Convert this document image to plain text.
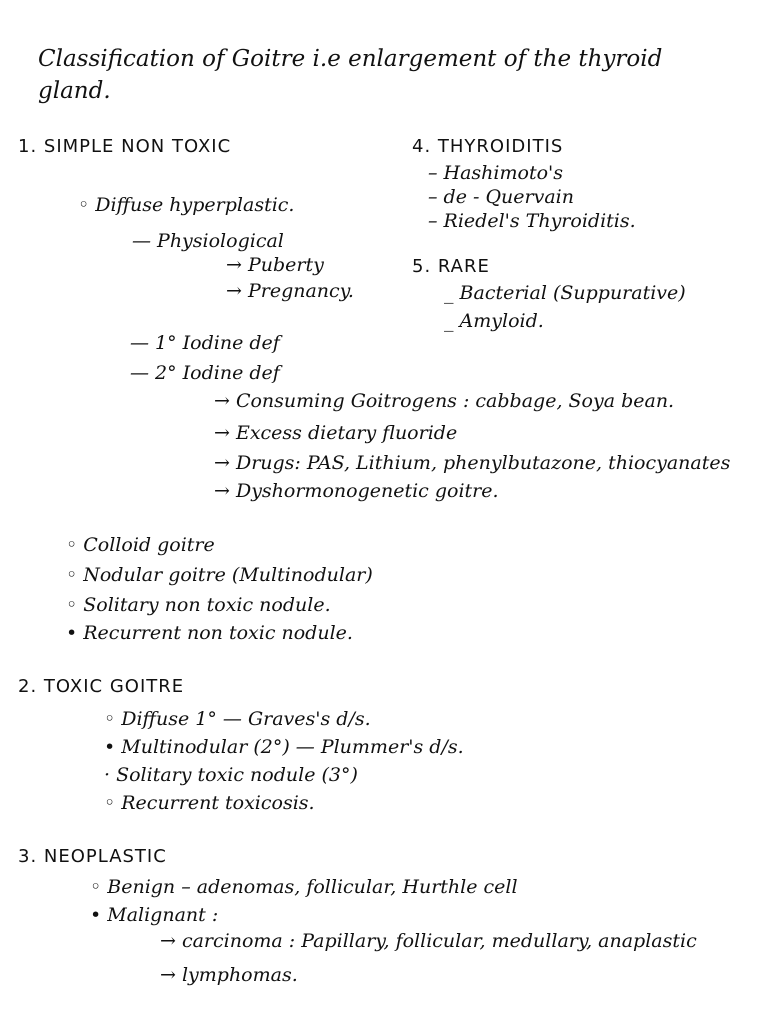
Classification of Goitre i.e enlargement of the thyroid
gland.
1. SIMPLE NON TOXIC
◦ Diffuse hyperplastic.
— Physiological
→ Puberty
→ Pregnancy.
— 1° Iodine def
— 2° Iodine def
→ Consuming Goitrogens : cabbage, Soya bean.
→ Excess dietary fluoride
→ Drugs: PAS, Lithium, phenylbutazone, thiocyanates
→ Dyshormonogenetic goitre.
◦ Colloid goitre
◦ Nodular goitre (Multinodular)
◦ Solitary non toxic nodule.
• Recurrent non toxic nodule.
4. THYROIDITIS
– Hashimoto's
– de - Quervain
– Riedel's Thyroiditis.
5. RARE
_ Bacterial (Suppurative)
_ Amyloid.
2. TOXIC GOITRE
◦ Diffuse 1° — Graves's d/s.
• Multinodular (2°) — Plummer's d/s.
· Solitary toxic nodule (3°)
◦ Recurrent toxicosis.
3. NEOPLASTIC
◦ Benign – adenomas, follicular, Hurthle cell
• Malignant :
→ carcinoma : Papillary, follicular, medullary, anaplastic
→ lymphomas.
